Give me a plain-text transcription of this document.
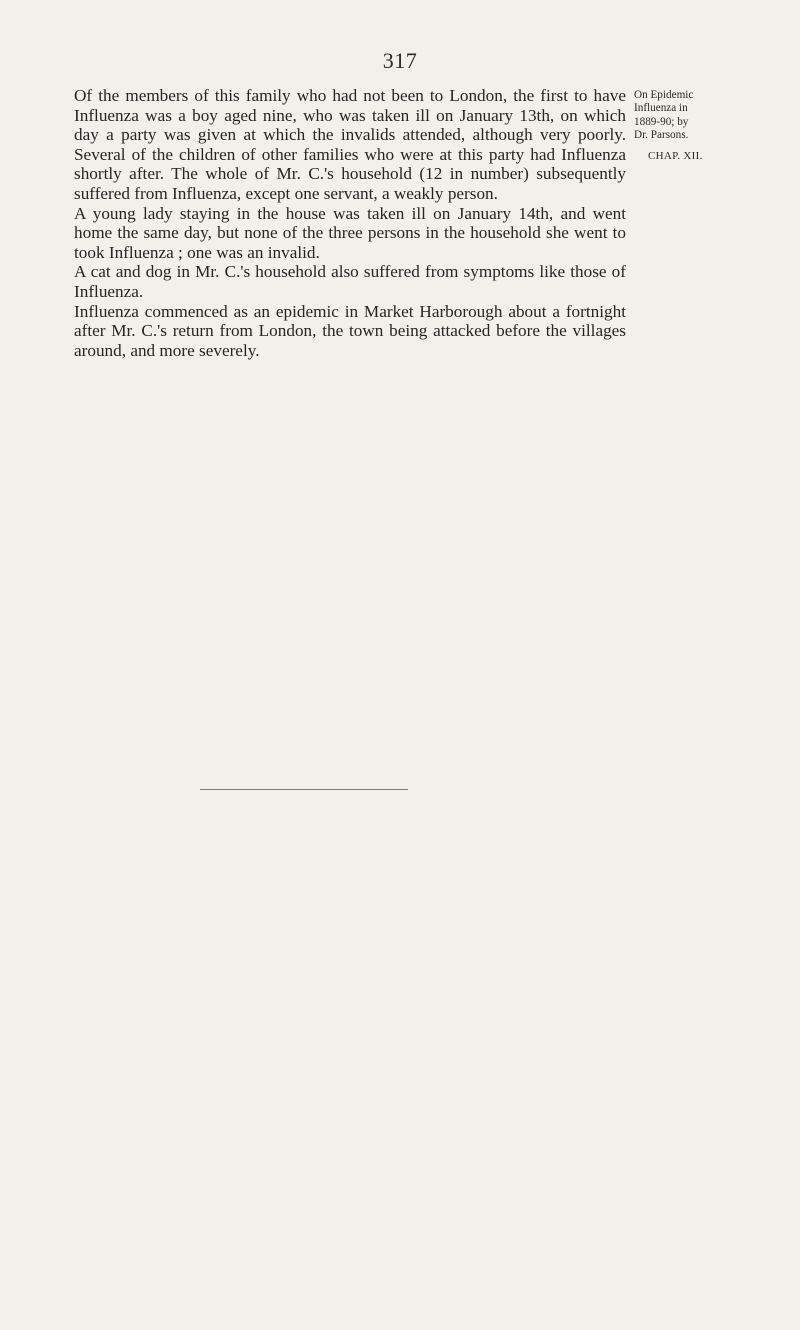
317

Of the members of this family who had not been to London, the first to have Influenza was a boy aged nine, who was taken ill on January 13th, on which day a party was given at which the invalids attended, although very poorly. Several of the children of other families who were at this party had Influenza shortly after. The whole of Mr. C.'s household (12 in number) subsequently suffered from Influenza, except one servant, a weakly person.

A young lady staying in the house was taken ill on January 14th, and went home the same day, but none of the three persons in the household she went to took Influenza ; one was an invalid.

A cat and dog in Mr. C.'s household also suffered from symptoms like those of Influenza.

Influenza commenced as an epidemic in Market Harborough about a fortnight after Mr. C.'s return from London, the town being attacked before the villages around, and more severely.

On Epidemic
Influenza in
1889-90; by
Dr. Parsons.
CHAP. XII.
